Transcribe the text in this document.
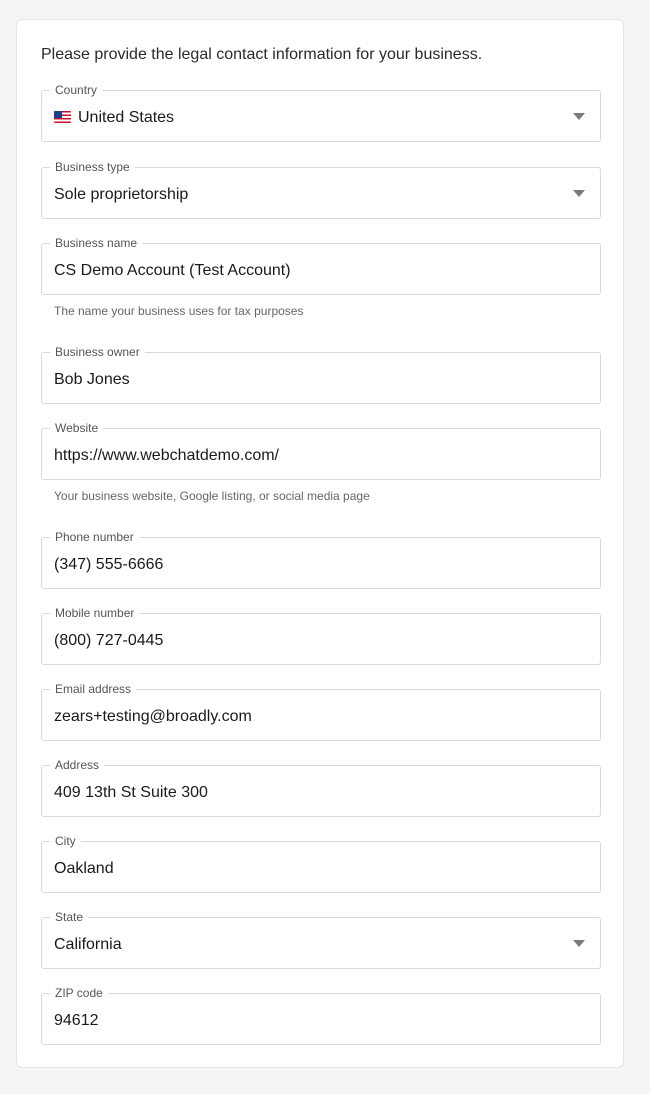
Please provide the legal contact information for your business.

Country
United States
Business type
Sole proprietorship
Business name
CS Demo Account (Test Account)
The name your business uses for tax purposes
Business owner
Bob Jones
Website
https://www.webchatdemo.com/
Your business website, Google listing, or social media page
Phone number
(347) 555-6666
Mobile number
(800) 727-0445
Email address
zears+testing@broadly.com
Address
409 13th St Suite 300
City
Oakland
State
California
ZIP code
94612
